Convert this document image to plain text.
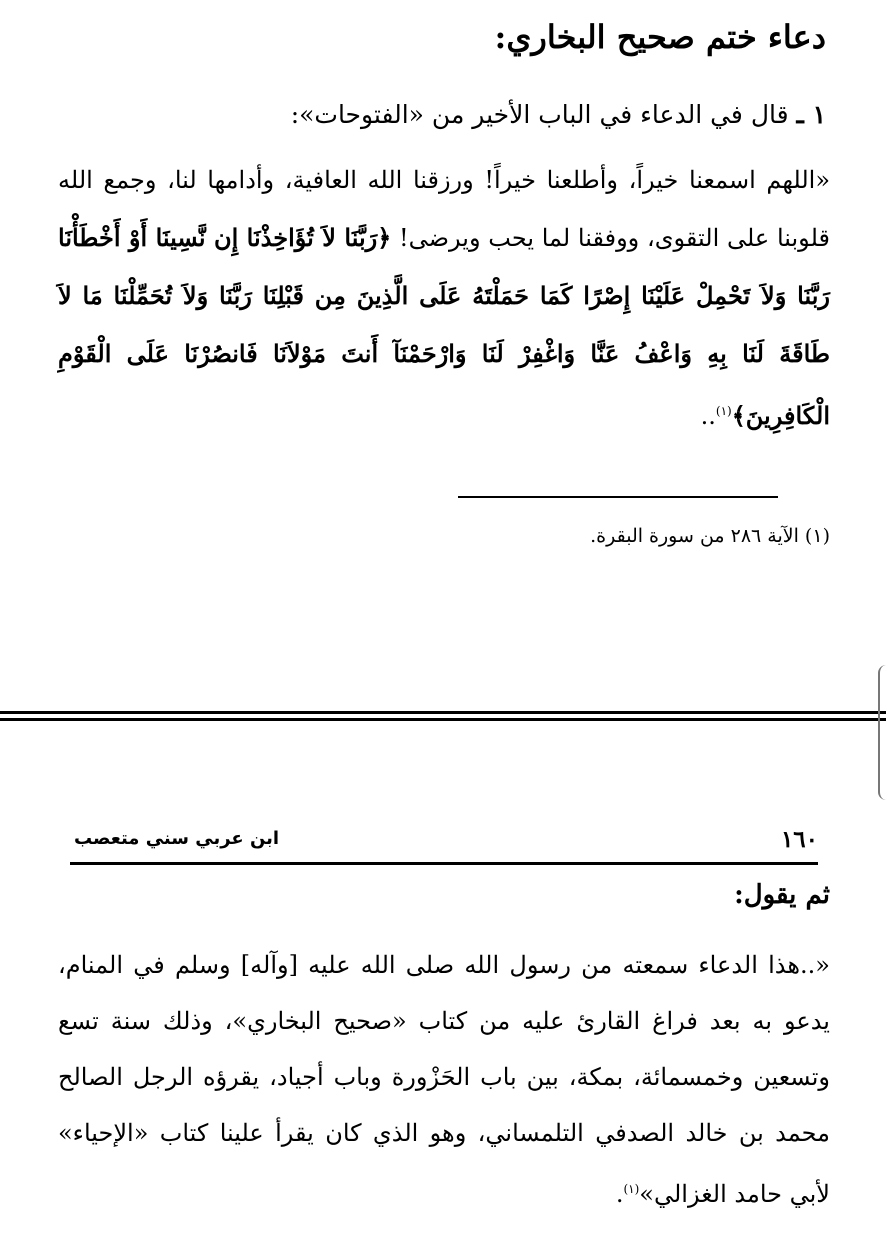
دعاء ختم صحيح البخاري:
١ ـ قال في الدعاء في الباب الأخير من «الفتوحات»:
«اللهم اسمعنا خيراً، وأطلعنا خيراً! ورزقنا الله العافية، وأدامها لنا، وجمع الله قلوبنا على التقوى، ووفقنا لما يحب ويرضى! ﴿رَبَّنَا لاَ تُؤَاخِذْنَا إِن نَّسِينَا أَوْ أَخْطَأْنَا رَبَّنَا وَلاَ تَحْمِلْ عَلَيْنَا إِصْرًا كَمَا حَمَلْتَهُ عَلَى الَّذِينَ مِن قَبْلِنَا رَبَّنَا وَلاَ تُحَمِّلْنَا مَا لاَ طَاقَةَ لَنَا بِهِ وَاعْفُ عَنَّا وَاغْفِرْ لَنَا وَارْحَمْنَآ أَنتَ مَوْلاَنَا فَانصُرْنَا عَلَى الْقَوْمِ الْكَافِرِينَ﴾$^{(١)}$..
(١) الآية ٢٨٦ من سورة البقرة.
١٦٠
ابن عربي سني متعصب
ثم يقول:
«..هذا الدعاء سمعته من رسول الله صلى الله عليه [وآله] وسلم في المنام، يدعو به بعد فراغ القارئ عليه من كتاب «صحيح البخاري»، وذلك سنة تسع وتسعين وخمسمائة، بمكة، بين باب الحَزْورة وباب أجياد، يقرؤه الرجل الصالح محمد بن خالد الصدفي التلمساني، وهو الذي كان يقرأ علينا كتاب «الإحياء» لأبي حامد الغزالي»$^{(١)}$.
